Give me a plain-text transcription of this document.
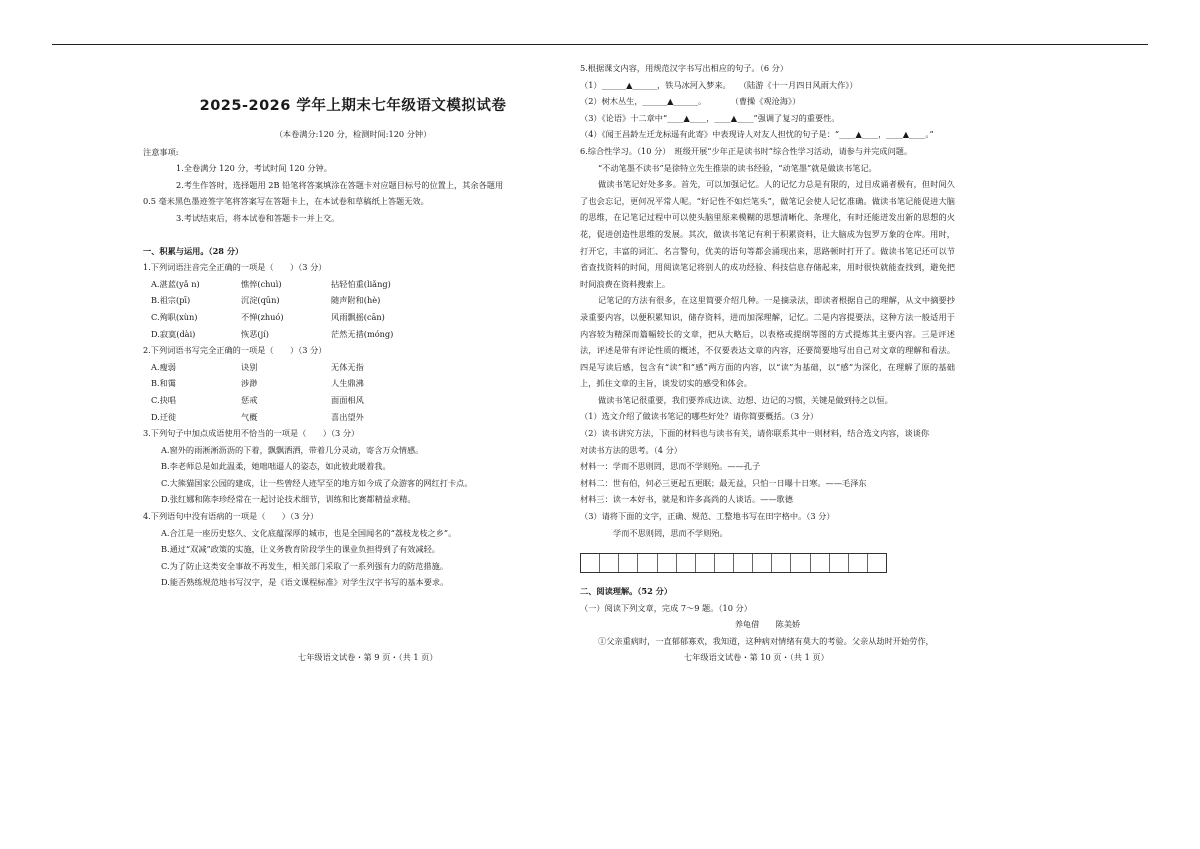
2025-2026 学年上期末七年级语文模拟试卷
（本卷满分:120 分，检测时间:120 分钟）
注意事项:
1.全卷满分 120 分，考试时间 120 分钟。
2.考生作答时，选择题用 2B 铅笔将答案填涂在答题卡对应题目标号的位置上，其余各题用
0.5 毫米黑色墨迹签字笔将答案写在答题卡上，在本试卷和草稿纸上答题无效。
3.考试结束后，将本试卷和答题卡一并上交。
一、积累与运用。（28 分）
1.下列词语注音完全正确的一项是（　　）（3 分）
A.湛蓝(yǎ n)	憔悴(chuì)	拈轻怕重(liǎng)
B.祖宗(pī)	沉淀(qūn)	随声附和(hè)
C.殉职(xùn)	不惮(zhuó)	风雨飘摇(cān)
D.寂寞(dài)	恢恶(jí)	茫然无措(móng)
2.下列词语书写完全正确的一项是（　　）（3 分）
A.瘦弱	诀别	无体无指
B.和霭	涉渺	人生鼎沸
C.抉唱	惩戒	面面相风
D.迁徙	气概	喜出望外
3.下列句子中加点成语使用不恰当的一项是（　　）（3 分）
A.窗外的雨淅淅沥沥的下着，飘飘洒洒，带着几分灵动，寄含万众情感。
B.李老师总是如此温柔，她咄咄逼人的姿态，如此彼此暖着我。
C.大熊猫国家公园的建成，让一些曾经人迹罕至的地方如今成了众游客的网红打卡点。
D.张红娜和陈李珍经常在一起讨论技术细节，训练和比赛都精益求精。
4.下列语句中没有语病的一项是（　　）（3 分）
A.合江是一座历史悠久、文化底蕴深厚的城市，也是全国闻名的“荔枝龙枝之乡”。
B.通过“双减”政策的实施，让义务教育阶段学生的课业负担得到了有效减轻。
C.为了防止这类安全事故不再发生，相关部门采取了一系列强有力的防范措施。
D.能否熟练规范地书写汉字，是《语文课程标准》对学生汉字书写的基本要求。
5.根据课文内容，用规范汉字书写出相应的句子。（6 分）
（1）______▲______，铁马冰河入梦来。　　（陆游《十一月四日风雨大作》）
（2）树木丛生，______▲______。　　　　（曹操《观沧海》）
（3）《论语》十二章中“____▲____，____▲____”强调了复习的重要性。
（4）《闻王昌龄左迁龙标遥有此寄》中表现诗人对友人担忧的句子是：“____▲____，____▲____。”
6.综合性学习。（10 分）　班级开展“少年正是读书时”综合性学习活动，请参与并完成问题。
“不动笔墨不读书”是徐特立先生推崇的读书经验，“动笔墨”就是做读书笔记。
做读书笔记好处多多。首先，可以加强记忆。人的记忆力总是有限的，过目成诵者极有，但时间久了也会忘记，更何况平常人呢。“好记性不如烂笔头”，做笔记会使人记忆准确。做读书笔记能促进大脑的思维，在记笔记过程中可以使头脑里原来模糊的思想清晰化、条理化，有时还能迸发出新的思想的火花，促进创造性思维的发展。其次，做读书笔记有利于积累资料，让大脑成为包罗万象的仓库。用时，打开它，丰富的词汇、名言警句，优美的语句等都会涌现出来，思路顿时打开了。做读书笔记还可以节省查找资料的时间，用阅读笔记将别人的成功经验、科技信息存储起来，用时很快就能查找到，避免把时间浪费在资料搜索上。
记笔记的方法有很多，在这里简要介绍几种。一是摘录法，即读者根据自己的理解，从文中摘要抄录重要内容，以便积累知识，储存资料，进而加深理解，记忆。二是内容提要法，这种方法一般适用于内容较为精深而篇幅较长的文章，把从大略后，以表格或提纲等图的方式提炼其主要内容。三是评述法，评述是带有评论性质的概述，不仅要表达文章的内容，还要简要地写出自己对文章的理解和看法。四是写读后感，包含有“读”和“感”两方面的内容，以“读”为基础，以“感”为深化，在理解了原的基础上，抓住文章的主旨，谈发切实的感受和体会。
做读书笔记很重要，我们要养成边读、边想、边记的习惯，关键是做到持之以恒。
（1）选文介绍了做读书笔记的哪些好处？请你简要概括。（3 分）
（2）读书讲究方法，下面的材料也与读书有关，请你联系其中一则材料，结合选文内容，谈谈你
对读书方法的思考。（4 分）
材料一：学而不思则罔，思而不学则殆。——孔子
材料二：世有伯，何必三更起五更眠；最无益，只怕一日曝十日寒。——毛泽东
材料三：读一本好书，就是和许多高尚的人谈话。——歌德
（3）请将下面的文字，正确、规范、工整地书写在田字格中。（3 分）
学而不思则罔，思而不学则殆。
二、阅读理解。（52 分）
（一）阅读下列文章，完成 7～9 题。（10 分）
养龟借　　陈美娇
①父亲重病时，一直郁郁寡欢，我知道，这种病对情绪有莫大的考验。父亲从劫时开始劳作，
七年级语文试卷・第 9 页・（共 1 页）	七年级语文试卷・第 10 页・（共 1 页）
